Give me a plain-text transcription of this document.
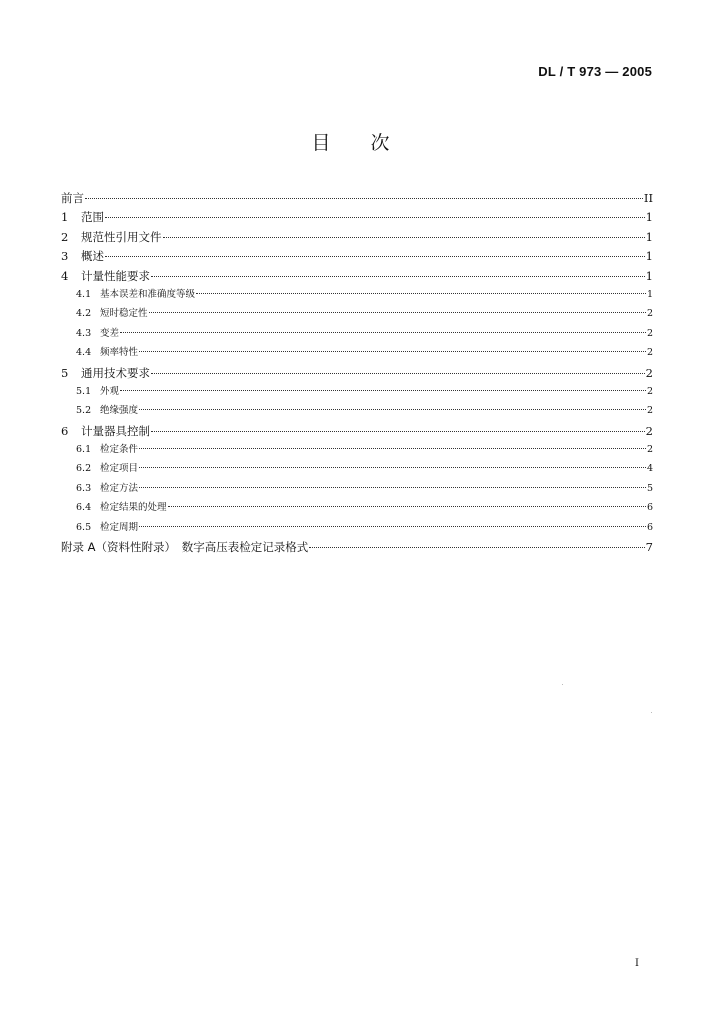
DL / T 973 — 2005
目 次
前言	II
1	范围	1
2	规范性引用文件	1
3	概述	1
4	计量性能要求	1
4.1 基本误差和准确度等级	1
4.2 短时稳定性	2
4.3 变差	2
4.4 频率特性	2
5	通用技术要求	2
5.1 外观	2
5.2 绝缘强度	2
6	计量器具控制	2
6.1 检定条件	2
6.2 检定项目	4
6.3 检定方法	5
6.4 检定结果的处理	6
6.5 检定周期	6
附录 A（资料性附录）　数字高压表检定记录格式	7
I
